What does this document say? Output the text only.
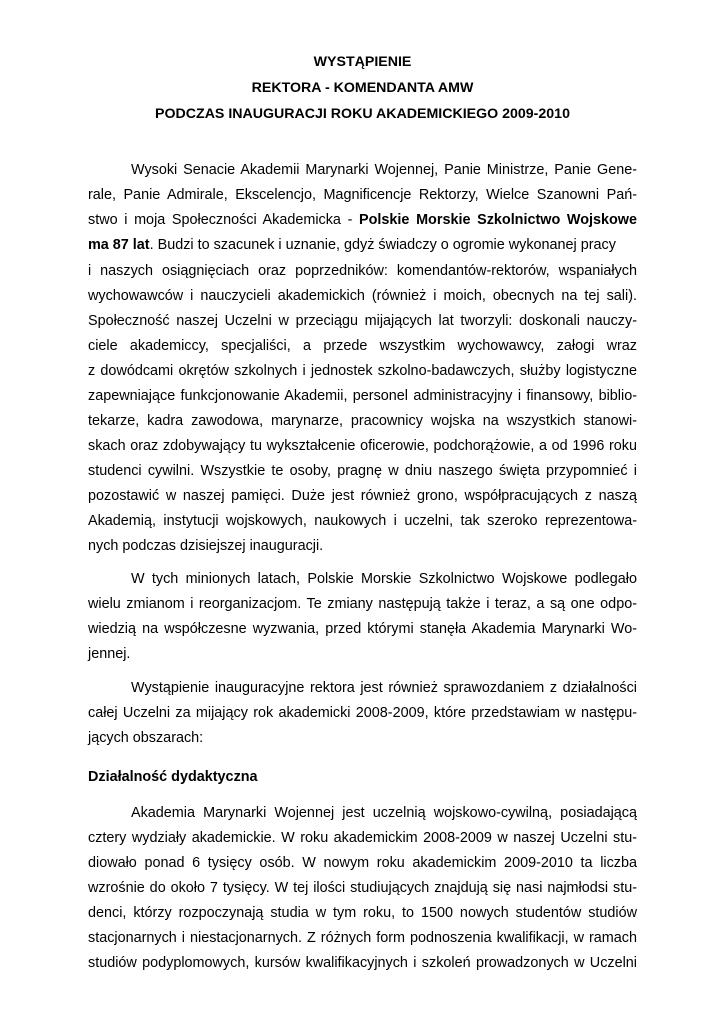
WYSTĄPIENIE
REKTORA - KOMENDANTA AMW
PODCZAS INAUGURACJI ROKU AKADEMICKIEGO 2009-2010
Wysoki Senacie Akademii Marynarki Wojennej, Panie Ministrze, Panie Gene-
rale, Panie Admirale, Ekscelencjo, Magnificencje Rektorzy, Wielce Szanowni Pań-
stwo i moja Społeczności Akademicka - Polskie Morskie Szkolnictwo Wojskowe
ma 87 lat. Budzi to szacunek i uznanie, gdyż świadczy o ogromie wykonanej pracy
i naszych osiągnięciach oraz poprzedników: komendantów-rektorów, wspaniałych
wychowawców i nauczycieli akademickich (również i moich, obecnych na tej sali).
Społeczność naszej Uczelni w przeciągu mijających lat tworzyli: doskonali nauczy-
ciele akademiccy, specjaliści, a przede wszystkim wychowawcy, załogi wraz
z dowódcami okrętów szkolnych i jednostek szkolno-badawczych, służby logistyczne
zapewniające funkcjonowanie Akademii, personel administracyjny i finansowy, biblio-
tekarze, kadra zawodowa, marynarze, pracownicy wojska na wszystkich stanowi-
skach oraz zdobywający tu wykształcenie oficerowie, podchorążowie, a od 1996 roku
studenci cywilni. Wszystkie te osoby, pragnę w dniu naszego święta przypomnieć i
pozostawić w naszej pamięci. Duże jest również grono, współpracujących z naszą
Akademią, instytucji wojskowych, naukowych i uczelni, tak szeroko reprezentowa-
nych podczas dzisiejszej inauguracji.
W tych minionych latach, Polskie Morskie Szkolnictwo Wojskowe podlegało
wielu zmianom i reorganizacjom. Te zmiany następują także i teraz, a są one odpo-
wiedzią na współczesne wyzwania, przed którymi stanęła Akademia Marynarki Wo-
jennej.
Wystąpienie inauguracyjne rektora jest również sprawozdaniem z działalności
całej Uczelni za mijający rok akademicki 2008-2009, które przedstawiam w następu-
jących obszarach:
Działalność dydaktyczna
Akademia Marynarki Wojennej jest uczelnią wojskowo-cywilną, posiadającą
cztery wydziały akademickie. W roku akademickim 2008-2009 w naszej Uczelni stu-
diowało ponad 6 tysięcy osób. W nowym roku akademickim 2009-2010 ta liczba
wzrośnie do około 7 tysięcy. W tej ilości studiujących znajdują się nasi najmłodsi stu-
denci, którzy rozpoczynają studia w tym roku, to 1500 nowych studentów studiów
stacjonarnych i niestacjonarnych. Z różnych form podnoszenia kwalifikacji, w ramach
studiów podyplomowych, kursów kwalifikacyjnych i szkoleń prowadzonych w Uczelni
